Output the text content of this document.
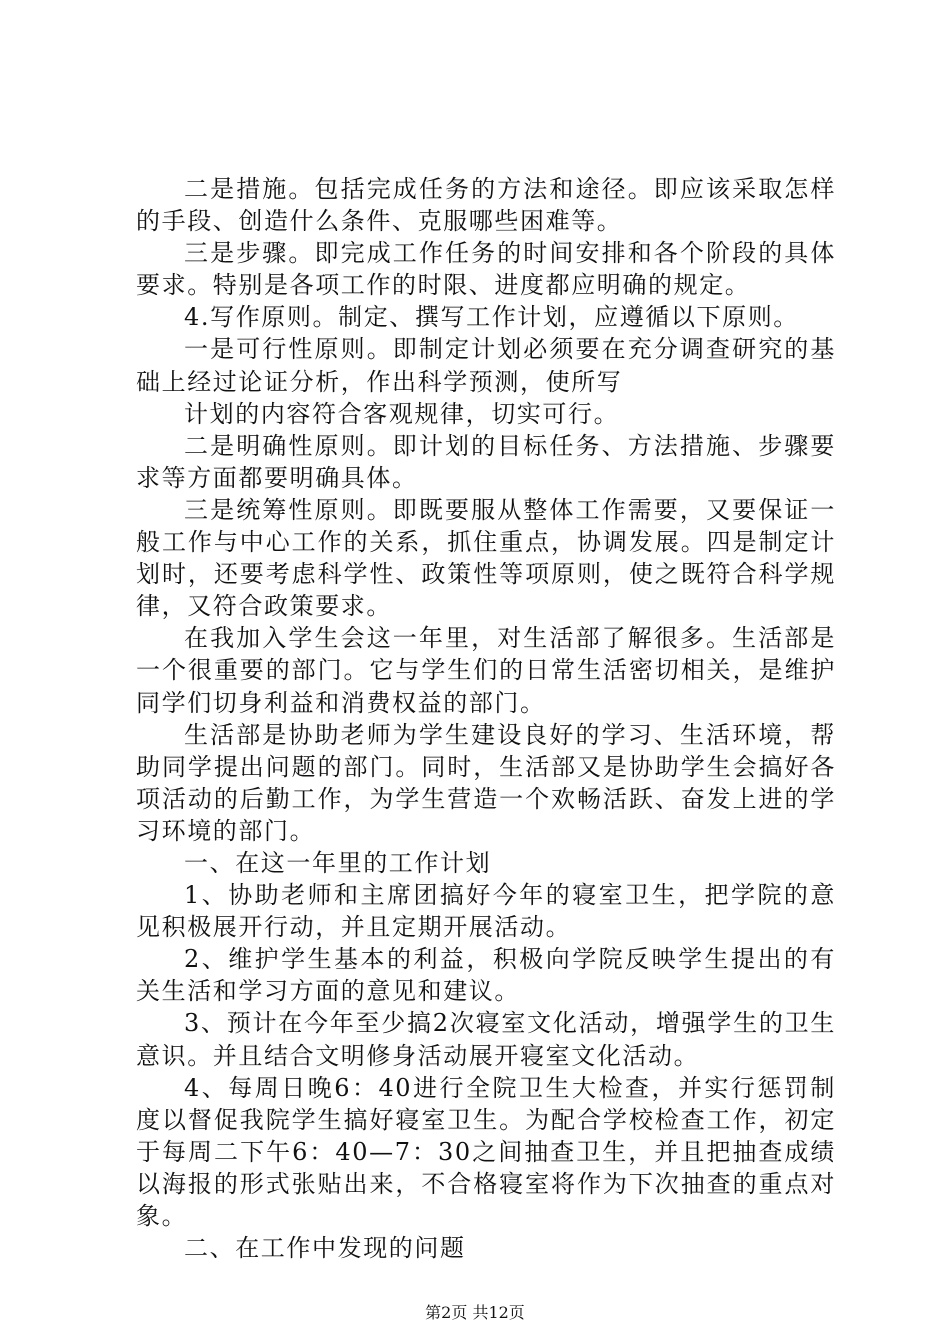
二是措施。包括完成任务的方法和途径。即应该采取怎样的手段、创造什么条件、克服哪些困难等。

三是步骤。即完成工作任务的时间安排和各个阶段的具体要求。特别是各项工作的时限、进度都应明确的规定。

4.写作原则。制定、撰写工作计划，应遵循以下原则。

一是可行性原则。即制定计划必须要在充分调查研究的基础上经过论证分析，作出科学预测，使所写

计划的内容符合客观规律，切实可行。

二是明确性原则。即计划的目标任务、方法措施、步骤要求等方面都要明确具体。

三是统筹性原则。即既要服从整体工作需要，又要保证一般工作与中心工作的关系，抓住重点，协调发展。四是制定计划时，还要考虑科学性、政策性等项原则，使之既符合科学规律，又符合政策要求。

在我加入学生会这一年里，对生活部了解很多。生活部是一个很重要的部门。它与学生们的日常生活密切相关，是维护同学们切身利益和消费权益的部门。

生活部是协助老师为学生建设良好的学习、生活环境，帮助同学提出问题的部门。同时，生活部又是协助学生会搞好各项活动的后勤工作，为学生营造一个欢畅活跃、奋发上进的学习环境的部门。

一、在这一年里的工作计划

1、协助老师和主席团搞好今年的寝室卫生，把学院的意见积极展开行动，并且定期开展活动。

2、维护学生基本的利益，积极向学院反映学生提出的有关生活和学习方面的意见和建议。

3、预计在今年至少搞2次寝室文化活动，增强学生的卫生意识。并且结合文明修身活动展开寝室文化活动。

4、每周日晚6：40进行全院卫生大检查，并实行惩罚制度以督促我院学生搞好寝室卫生。为配合学校检查工作，初定于每周二下午6：40—7：30之间抽查卫生，并且把抽查成绩以海报的形式张贴出来，不合格寝室将作为下次抽查的重点对象。

二、在工作中发现的问题

第2页 共12页
